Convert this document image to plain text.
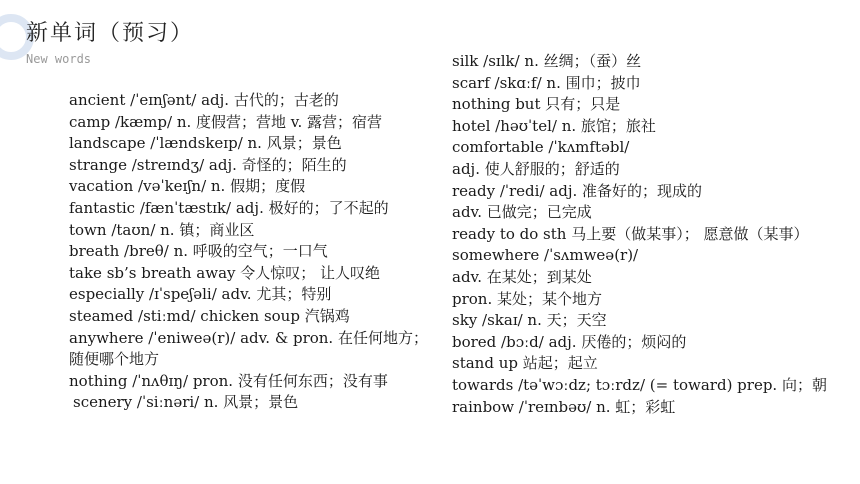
新单词（预习）
New words
ancient /ˈeɪnʃənt/ adj. 古代的；古老的
camp /kæmp/ n. 度假营；营地 v. 露营；宿营
landscape /ˈlændskeɪp/ n. 风景；景色
strange /streɪndʒ/ adj. 奇怪的；陌生的
vacation /vəˈkeɪʃn/ n. 假期；度假
fantastic /fænˈtæstɪk/ adj. 极好的；了不起的
town /taʊn/ n. 镇；商业区
breath /breθ/ n. 呼吸的空气；一口气
take sb’s breath away 令人惊叹； 让人叹绝
especially /ɪˈspeʃəli/ adv. 尤其；特别
steamed /stiːmd/ chicken soup 汽锅鸡
anywhere /ˈeniweə(r)/ adv. & pron. 在任何地方；随便哪个地方
nothing /ˈnʌθɪŋ/ pron. 没有任何东西；没有事
scenery /ˈsiːnəri/ n. 风景；景色
silk /sɪlk/ n. 丝绸；（蚕）丝
scarf /skɑːf/ n. 围巾；披巾
nothing but 只有；只是
hotel /həʊˈtel/ n. 旅馆；旅社
comfortable /ˈkʌmftəbl/
adj. 使人舒服的；舒适的
ready /ˈredi/ adj. 准备好的；现成的
adv. 已做完；已完成
ready to do sth 马上要（做某事）； 愿意做（某事）
somewhere /ˈsʌmweə(r)/
adv. 在某处；到某处
pron. 某处；某个地方
sky /skaɪ/ n. 天；天空
bored /bɔːd/ adj. 厌倦的；烦闷的
stand up 站起；起立
towards /təˈwɔːdz; tɔːrdz/ (= toward) prep. 向；朝
rainbow /ˈreɪnbəʊ/ n. 虹；彩虹
